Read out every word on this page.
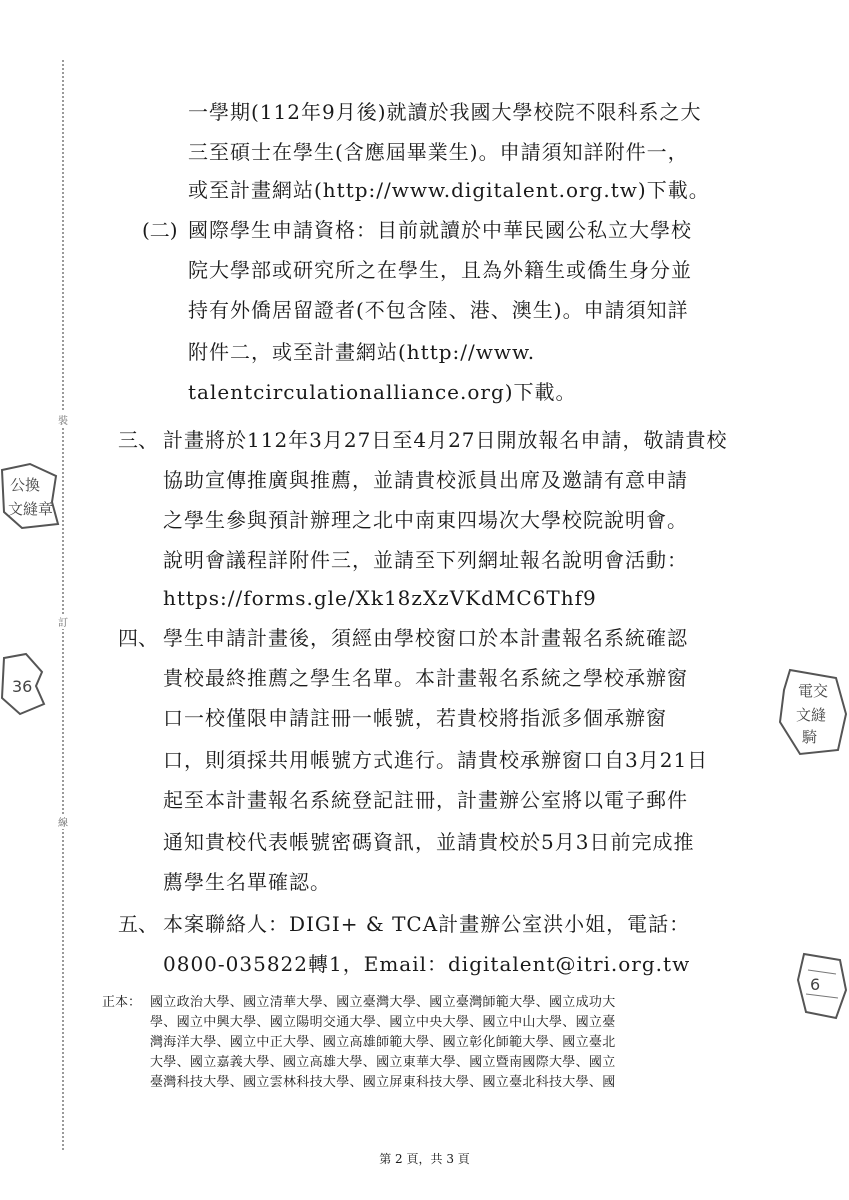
裝
訂
線
公換
文縫章
36	電交
文縫
騎
6
一學期(112年9月後)就讀於我國大學校院不限科系之大
三至碩士在學生(含應屆畢業生)。申請須知詳附件一，
或至計畫網站(http://www.digitalent.org.tw)下載。
(二) 國際學生申請資格：目前就讀於中華民國公私立大學校
院大學部或研究所之在學生，且為外籍生或僑生身分並
持有外僑居留證者(不包含陸、港、澳生)。申請須知詳
附件二，或至計畫網站(http://www.
talentcirculationalliance.org)下載。
三、 計畫將於112年3月27日至4月27日開放報名申請，敬請貴校
協助宣傳推廣與推薦，並請貴校派員出席及邀請有意申請
之學生參與預計辦理之北中南東四場次大學校院說明會。
說明會議程詳附件三，並請至下列網址報名說明會活動：
https://forms.gle/Xk18zXzVKdMC6Thf9
四、 學生申請計畫後，須經由學校窗口於本計畫報名系統確認
貴校最終推薦之學生名單。本計畫報名系統之學校承辦窗
口一校僅限申請註冊一帳號，若貴校將指派多個承辦窗
口，則須採共用帳號方式進行。請貴校承辦窗口自3月21日
起至本計畫報名系統登記註冊，計畫辦公室將以電子郵件
通知貴校代表帳號密碼資訊，並請貴校於5月3日前完成推
薦學生名單確認。
五、 本案聯絡人：DIGI+ & TCA計畫辦公室洪小姐，電話：
0800-035822轉1，Email：digitalent@itri.org.tw
正本： 國立政治大學、國立清華大學、國立臺灣大學、國立臺灣師範大學、國立成功大
學、國立中興大學、國立陽明交通大學、國立中央大學、國立中山大學、國立臺
灣海洋大學、國立中正大學、國立高雄師範大學、國立彰化師範大學、國立臺北
大學、國立嘉義大學、國立高雄大學、國立東華大學、國立暨南國際大學、國立
臺灣科技大學、國立雲林科技大學、國立屏東科技大學、國立臺北科技大學、國
第 2 頁，共 3 頁
